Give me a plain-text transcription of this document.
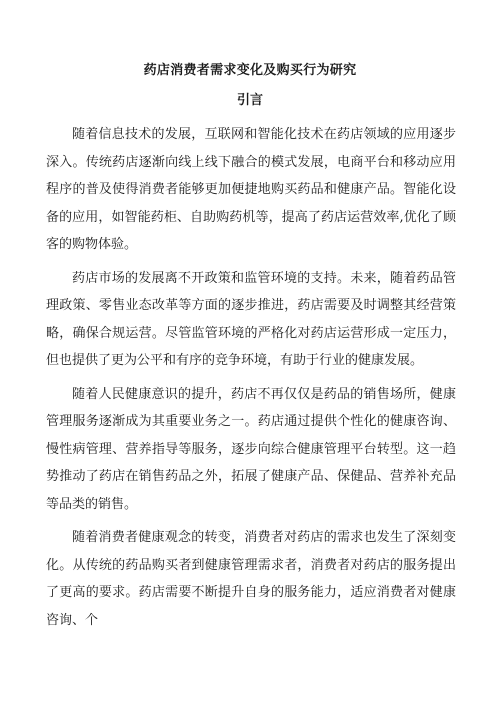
药店消费者需求变化及购买行为研究
引言

随着信息技术的发展，互联网和智能化技术在药店领域的应用逐步深入。传统药店逐渐向线上线下融合的模式发展，电商平台和移动应用程序的普及使得消费者能够更加便捷地购买药品和健康产品。智能化设备的应用，如智能药柜、自助购药机等，提高了药店运营效率,优化了顾客的购物体验。

药店市场的发展离不开政策和监管环境的支持。未来，随着药品管理政策、零售业态改革等方面的逐步推进，药店需要及时调整其经营策略，确保合规运营。尽管监管环境的严格化对药店运营形成一定压力，但也提供了更为公平和有序的竞争环境，有助于行业的健康发展。

随着人民健康意识的提升，药店不再仅仅是药品的销售场所，健康管理服务逐渐成为其重要业务之一。药店通过提供个性化的健康咨询、慢性病管理、营养指导等服务，逐步向综合健康管理平台转型。这一趋势推动了药店在销售药品之外，拓展了健康产品、保健品、营养补充品等品类的销售。

随着消费者健康观念的转变，消费者对药店的需求也发生了深刻变化。从传统的药品购买者到健康管理需求者，消费者对药店的服务提出了更高的要求。药店需要不断提升自身的服务能力，适应消费者对健康咨询、个
